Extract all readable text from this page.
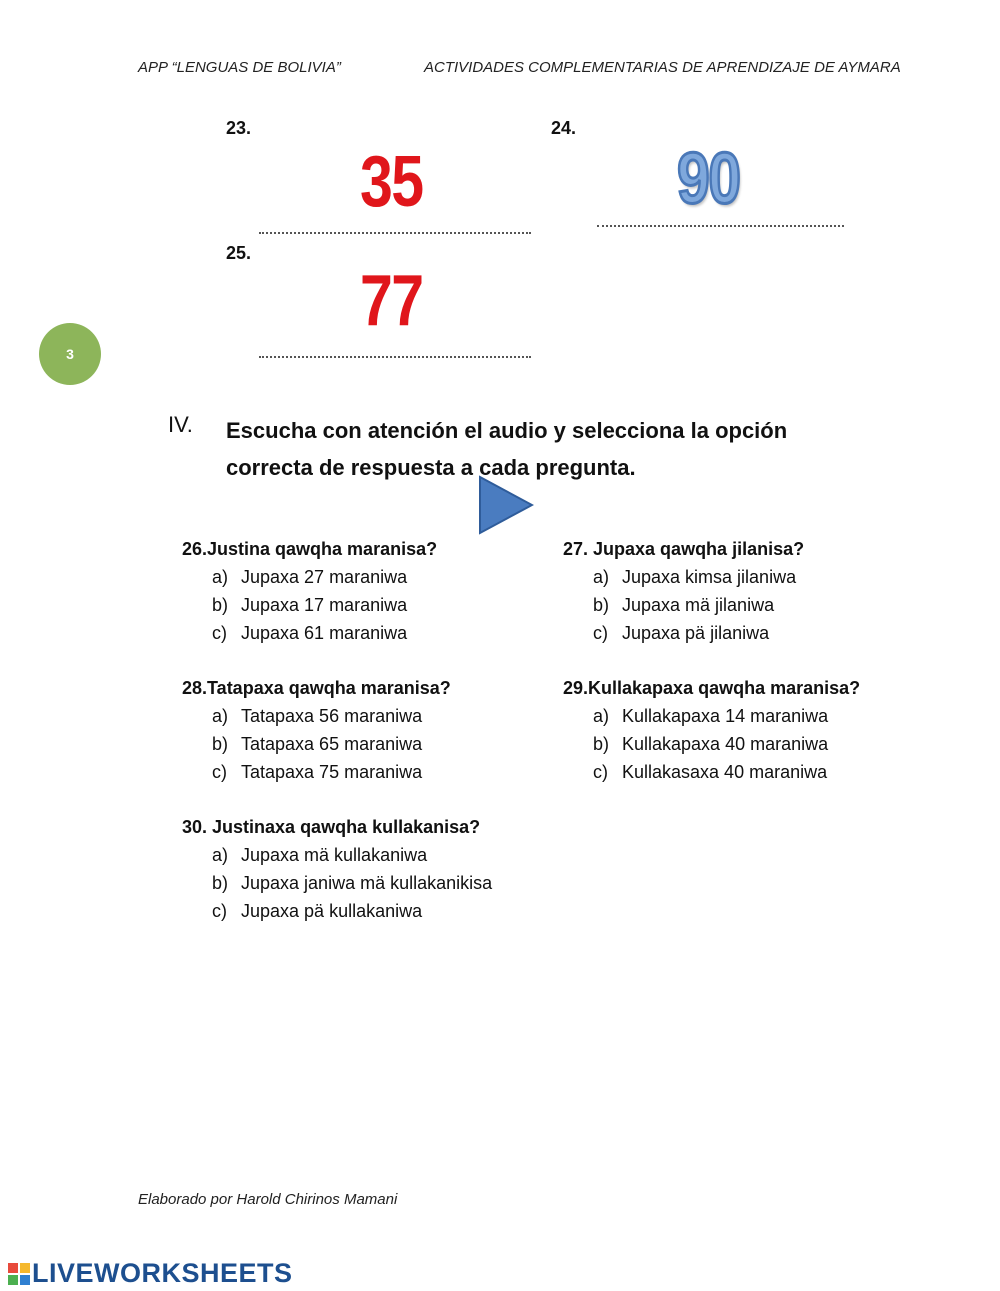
APP “LENGUAS DE BOLIVIA”	ACTIVIDADES COMPLEMENTARIAS DE APRENDIZAJE DE AYMARA
23.
35
24.
90
25.
77
3
IV. Escucha con atención el audio y selecciona la opción correcta de respuesta a cada pregunta.
26.Justina qawqha maranisa?
a) Jupaxa 27 maraniwa
b) Jupaxa 17 maraniwa
c) Jupaxa 61 maraniwa
27. Jupaxa qawqha jilanisa?
a) Jupaxa kimsa jilaniwa
b) Jupaxa mä jilaniwa
c) Jupaxa pä jilaniwa
28.Tatapaxa qawqha maranisa?
a) Tatapaxa 56 maraniwa
b) Tatapaxa 65 maraniwa
c) Tatapaxa 75 maraniwa
29.Kullakapaxa qawqha maranisa?
a) Kullakapaxa 14 maraniwa
b) Kullakapaxa 40 maraniwa
c) Kullakasaxa 40 maraniwa
30. Justinaxa qawqha kullakanisa?
a) Jupaxa mä kullakaniwa
b) Jupaxa janiwa mä kullakanikisa
c) Jupaxa pä kullakaniwa
Elaborado por Harold Chirinos Mamani
LIVEWORKSHEETS
